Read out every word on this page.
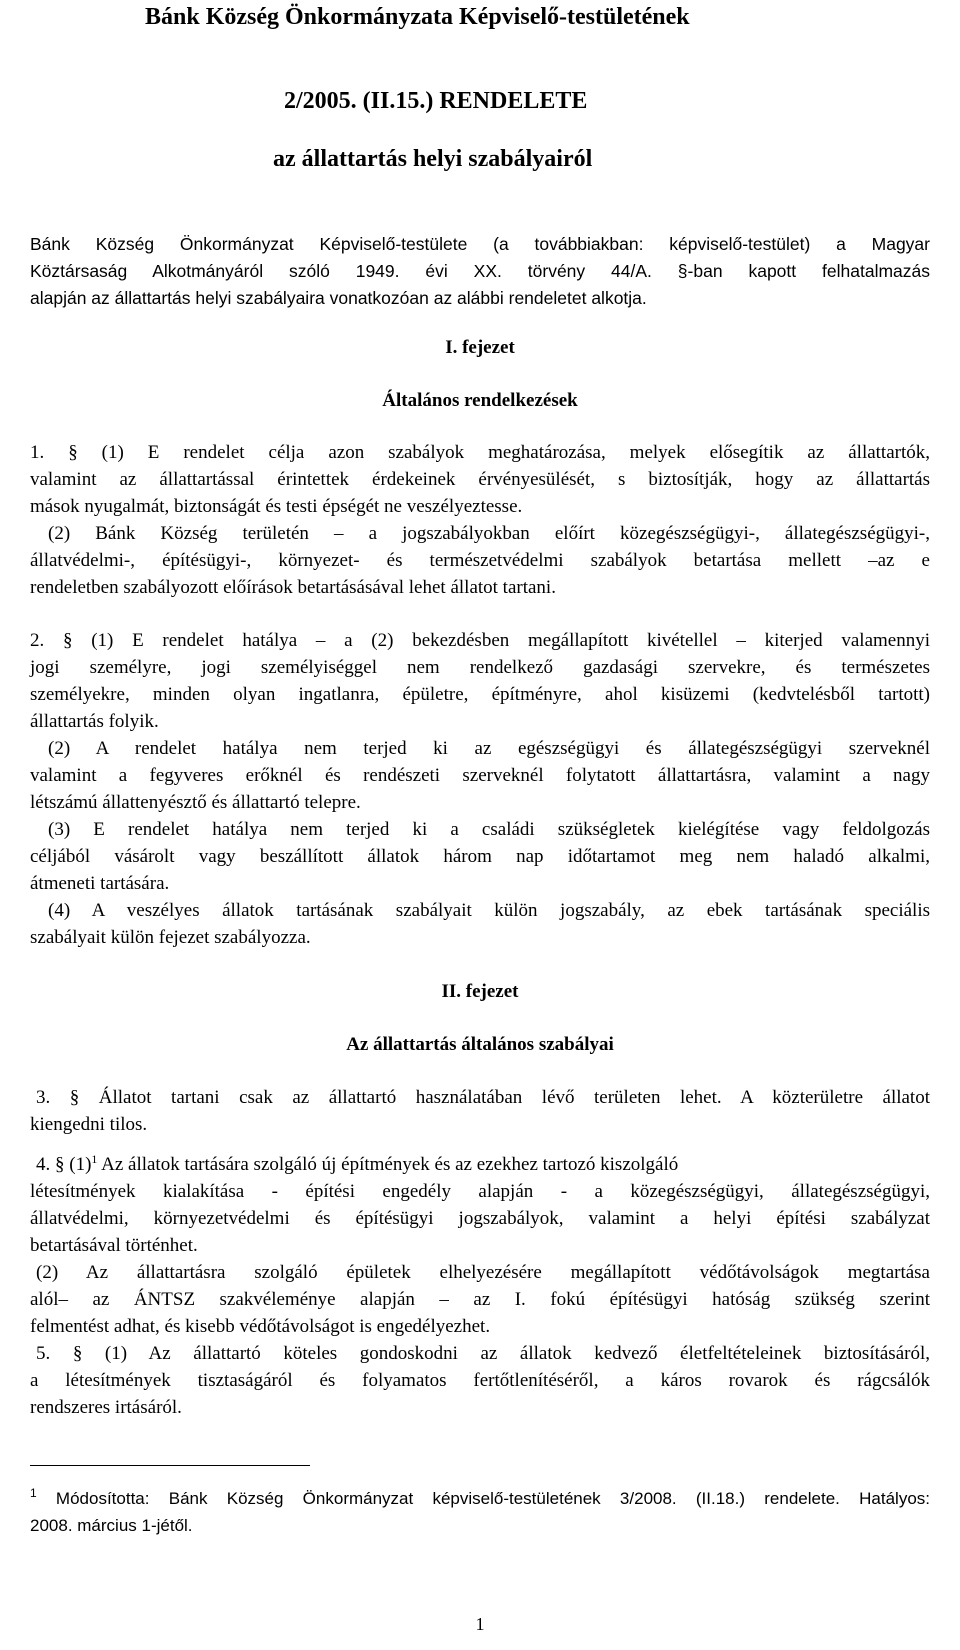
Bánk Község Önkormányzata Képviselő-testületének
2/2005. (II.15.) RENDELETE
az állattartás helyi szabályairól
Bánk Község Önkormányzat Képviselő-testülete (a továbbiakban: képviselő-testület) a Magyar
Köztársaság Alkotmányáról szóló 1949. évi XX. törvény 44/A. §-ban kapott felhatalmazás
alapján az állattartás helyi szabályaira vonatkozóan az alábbi rendeletet alkotja.
I. fejezet
Általános rendelkezések
1. § (1) E rendelet célja azon szabályok meghatározása, melyek elősegítik az állattartók,
valamint az állattartással érintettek érdekeinek érvényesülését, s biztosítják, hogy az állattartás
mások nyugalmát, biztonságát és testi épségét ne veszélyeztesse.
(2) Bánk Község területén – a jogszabályokban előírt közegészségügyi-, állategészségügyi-,
állatvédelmi-, építésügyi-, környezet- és természetvédelmi szabályok betartása mellett –az e
rendeletben szabályozott előírások betartásásával lehet állatot tartani.
2. § (1) E rendelet hatálya – a (2) bekezdésben megállapított kivétellel – kiterjed valamennyi
jogi személyre, jogi személyiséggel nem rendelkező gazdasági szervekre, és természetes
személyekre, minden olyan ingatlanra, épületre, építményre, ahol kisüzemi (kedvtelésből tartott)
állattartás folyik.
(2) A rendelet hatálya nem terjed ki az egészségügyi és állategészségügyi szerveknél
valamint a fegyveres erőknél és rendészeti szerveknél folytatott állattartásra, valamint a nagy
létszámú állattenyésztő és állattartó telepre.
(3) E rendelet hatálya nem terjed ki a családi szükségletek kielégítése vagy feldolgozás
céljából vásárolt vagy beszállított állatok három nap időtartamot meg nem haladó alkalmi,
átmeneti tartására.
(4) A veszélyes állatok tartásának szabályait külön jogszabály, az ebek tartásának speciális
szabályait külön fejezet szabályozza.
II. fejezet
Az állattartás általános szabályai
3. § Állatot tartani csak az állattartó használatában lévő területen lehet. A közterületre állatot
kiengedni tilos.
4. § $(1)^1$ Az állatok tartására szolgáló új építmények és az ezekhez tartozó kiszolgáló
létesítmények kialakítása - építési engedély alapján - a közegészségügyi, állategészségügyi,
állatvédelmi, környezetvédelmi és építésügyi jogszabályok, valamint a helyi építési szabályzat
betartásával történhet.
(2) Az állattartásra szolgáló épületek elhelyezésére megállapított védőtávolságok megtartása
alól– az ÁNTSZ szakvéleménye alapján – az I. fokú építésügyi hatóság szükség szerint
felmentést adhat, és kisebb védőtávolságot is engedélyezhet.
5. § (1) Az állattartó köteles gondoskodni az állatok kedvező életfeltételeinek biztosításáról,
a létesítmények tisztaságáról és folyamatos fertőtlenítéséről, a káros rovarok és rágcsálók
rendszeres irtásáról.
$^1$ Módosította: Bánk Község Önkormányzat képviselő-testületének 3/2008. (II.18.) rendelete. Hatályos:
2008. március 1-jétől.
1
